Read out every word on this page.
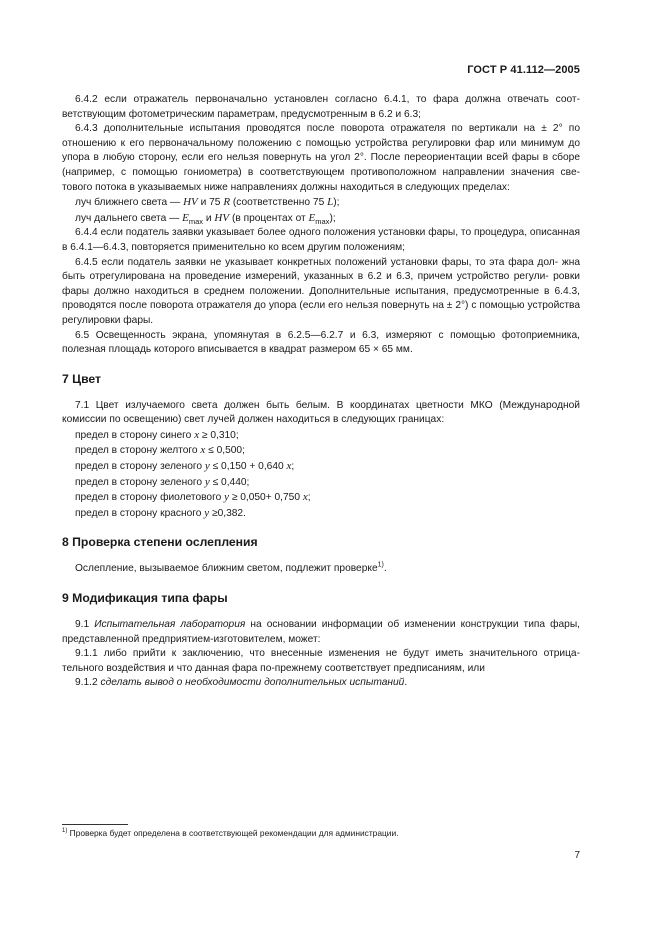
ГОСТ Р 41.112—2005

6.4.2 если отражатель первоначально установлен согласно 6.4.1, то фара должна отвечать соот- ветствующим фотометрическим параметрам, предусмотренным в 6.2 и 6.3;

6.4.3 дополнительные испытания проводятся после поворота отражателя по вертикали на ± 2° по отношению к его первоначальному положению с помощью устройства регулировки фар или минимум до упора в любую сторону, если его нельзя повернуть на угол 2°. После переориентации всей фары в сборе (например, с помощью гониометра) в соответствующем противоположном направлении значения све- тового потока в указываемых ниже направлениях должны находиться в следующих пределах:

луч ближнего света — HV и 75 R (соответственно 75 L);

луч дальнего света — $E_{max}$ и HV (в процентах от $E_{max}$);

6.4.4 если податель заявки указывает более одного положения установки фары, то процедура, описанная в 6.4.1—6.4.3, повторяется применительно ко всем другим положениям;

6.4.5 если податель заявки не указывает конкретных положений установки фары, то эта фара дол- жна быть отрегулирована на проведение измерений, указанных в 6.2 и 6.3, причем устройство регули- ровки фары должно находиться в среднем положении. Дополнительные испытания, предусмотренные в 6.4.3, проводятся после поворота отражателя до упора (если его нельзя повернуть на ± 2°) с помощью устройства регулировки фары.

6.5 Освещенность экрана, упомянутая в 6.2.5—6.2.7 и 6.3, измеряют с помощью фотоприемника, полезная площадь которого вписывается в квадрат размером 65 × 65 мм.

7 Цвет

7.1 Цвет излучаемого света должен быть белым. В координатах цветности МКО (Международной комиссии по освещению) свет лучей должен находиться в следующих границах:

предел в сторону синего x ≥ 0,310;

предел в сторону желтого x ≤ 0,500;

предел в сторону зеленого y ≤ 0,150 + 0,640 x;

предел в сторону зеленого y ≤ 0,440;

предел в сторону фиолетового y ≥ 0,050+ 0,750 x;

предел в сторону красного y ≥0,382.

8 Проверка степени ослепления

Ослепление, вызываемое ближним светом, подлежит проверке$^{1)}$.

9 Модификация типа фары

9.1 Испытательная лаборатория на основании информации об изменении конструкции типа фары, представленной предприятием-изготовителем, может:

9.1.1 либо прийти к заключению, что внесенные изменения не будут иметь значительного отрица- тельного воздействия и что данная фара по-прежнему соответствует предписаниям, или

9.1.2 сделать вывод о необходимости дополнительных испытаний.

$^{1)}$ Проверка будет определена в соответствующей рекомендации для администрации.
7
